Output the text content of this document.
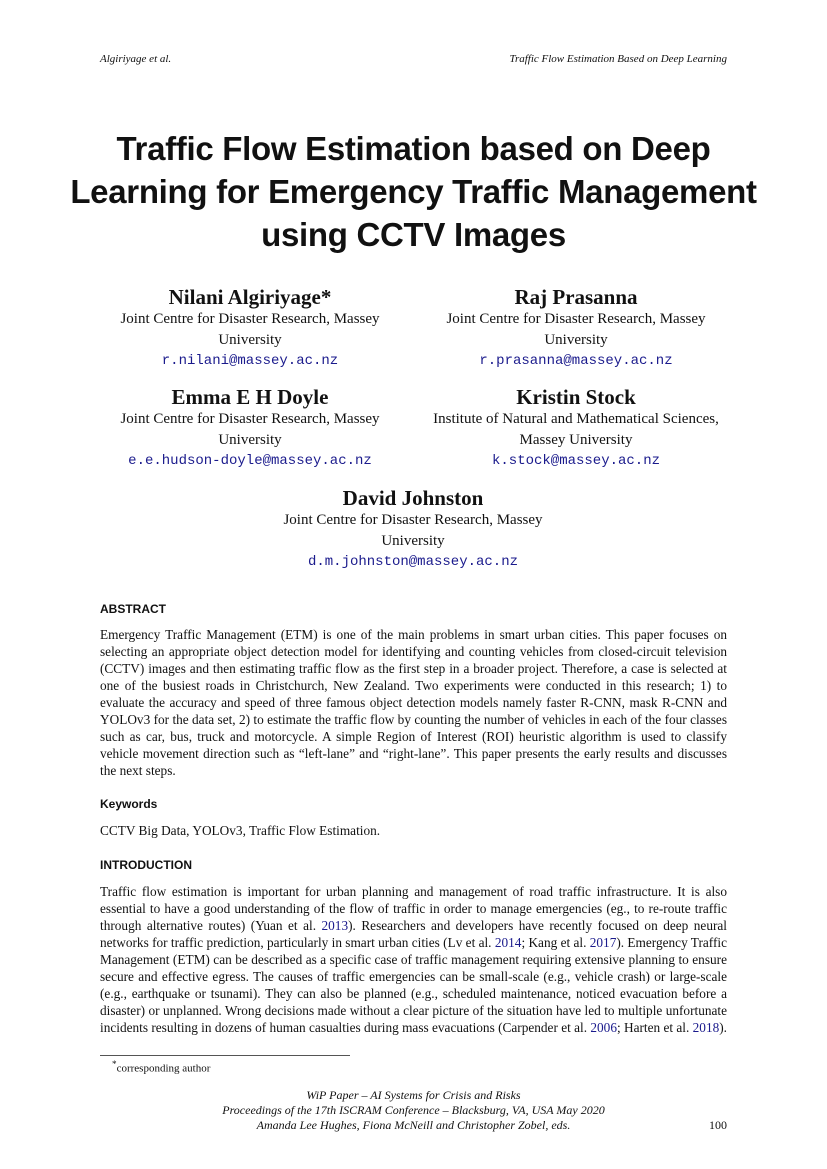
Algiriyage et al.	Traffic Flow Estimation Based on Deep Learning
Traffic Flow Estimation based on Deep Learning for Emergency Traffic Management using CCTV Images
Nilani Algiriyage*
Joint Centre for Disaster Research, Massey University
r.nilani@massey.ac.nz
Raj Prasanna
Joint Centre for Disaster Research, Massey University
r.prasanna@massey.ac.nz
Emma E H Doyle
Joint Centre for Disaster Research, Massey University
e.e.hudson-doyle@massey.ac.nz
Kristin Stock
Institute of Natural and Mathematical Sciences, Massey University
k.stock@massey.ac.nz
David Johnston
Joint Centre for Disaster Research, Massey University
d.m.johnston@massey.ac.nz
ABSTRACT
Emergency Traffic Management (ETM) is one of the main problems in smart urban cities. This paper focuses on selecting an appropriate object detection model for identifying and counting vehicles from closed-circuit television (CCTV) images and then estimating traffic flow as the first step in a broader project. Therefore, a case is selected at one of the busiest roads in Christchurch, New Zealand. Two experiments were conducted in this research; 1) to evaluate the accuracy and speed of three famous object detection models namely faster R-CNN, mask R-CNN and YOLOv3 for the data set, 2) to estimate the traffic flow by counting the number of vehicles in each of the four classes such as car, bus, truck and motorcycle. A simple Region of Interest (ROI) heuristic algorithm is used to classify vehicle movement direction such as “left-lane” and “right-lane”. This paper presents the early results and discusses the next steps.
Keywords
CCTV Big Data, YOLOv3, Traffic Flow Estimation.
INTRODUCTION
Traffic flow estimation is important for urban planning and management of road traffic infrastructure. It is also essential to have a good understanding of the flow of traffic in order to manage emergencies (eg., to re-route traffic through alternative routes) (Yuan et al. 2013). Researchers and developers have recently focused on deep neural networks for traffic prediction, particularly in smart urban cities (Lv et al. 2014; Kang et al. 2017). Emergency Traffic Management (ETM) can be described as a specific case of traffic management requiring extensive planning to ensure secure and effective egress. The causes of traffic emergencies can be small-scale (e.g., vehicle crash) or large-scale (e.g., earthquake or tsunami). They can also be planned (e.g., scheduled maintenance, noticed evacuation before a disaster) or unplanned. Wrong decisions made without a clear picture of the situation have led to multiple unfortunate incidents resulting in dozens of human casualties during mass evacuations (Carpender et al. 2006; Harten et al. 2018).
*corresponding author
WiP Paper – AI Systems for Crisis and Risks
Proceedings of the 17th ISCRAM Conference – Blacksburg, VA, USA May 2020
Amanda Lee Hughes, Fiona McNeill and Christopher Zobel, eds.	100
